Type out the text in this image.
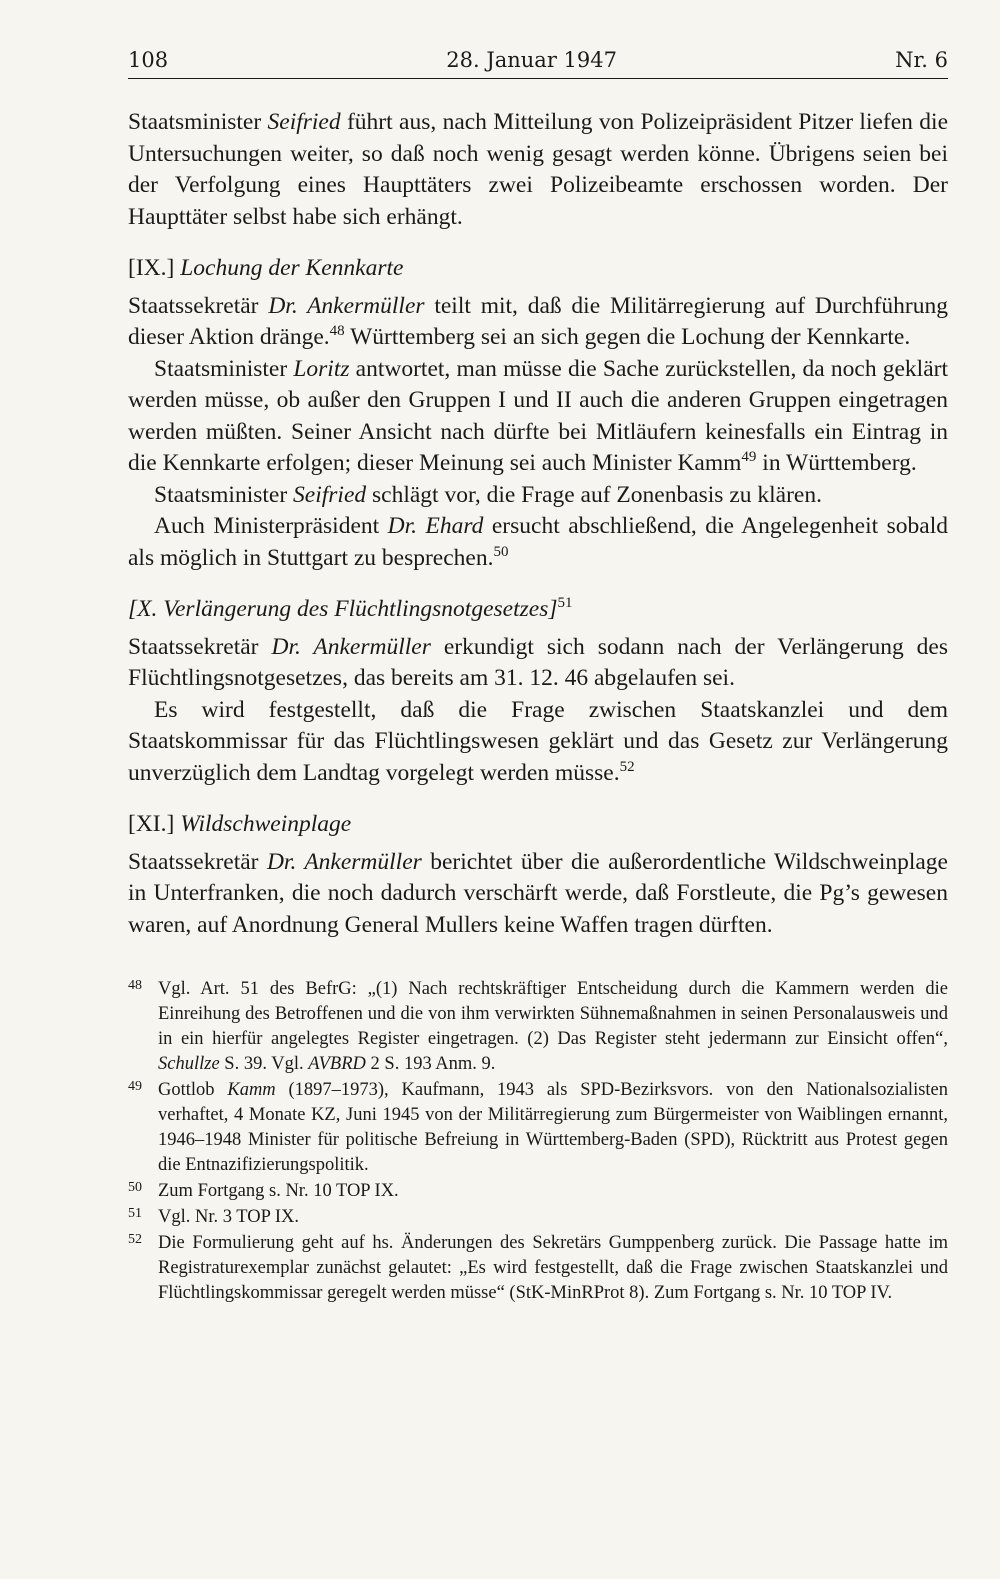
108	28. Januar 1947	Nr. 6

Staatsminister Seifried führt aus, nach Mitteilung von Polizeipräsident Pitzer liefen die Untersuchungen weiter, so daß noch wenig gesagt werden könne. Übrigens seien bei der Verfolgung eines Haupttäters zwei Polizeibeamte erschossen worden. Der Haupttäter selbst habe sich erhängt.

[IX.] Lochung der Kennkarte

Staatssekretär Dr. Ankermüller teilt mit, daß die Militärregierung auf Durchführung dieser Aktion dränge.$^{48}$ Württemberg sei an sich gegen die Lochung der Kennkarte.

Staatsminister Loritz antwortet, man müsse die Sache zurückstellen, da noch geklärt werden müsse, ob außer den Gruppen I und II auch die anderen Gruppen eingetragen werden müßten. Seiner Ansicht nach dürfte bei Mitläufern keinesfalls ein Eintrag in die Kennkarte erfolgen; dieser Meinung sei auch Minister Kamm$^{49}$ in Württemberg.

Staatsminister Seifried schlägt vor, die Frage auf Zonenbasis zu klären.

Auch Ministerpräsident Dr. Ehard ersucht abschließend, die Angelegenheit sobald als möglich in Stuttgart zu besprechen.$^{50}$

[X. Verlängerung des Flüchtlingsnotgesetzes]$^{51}$

Staatssekretär Dr. Ankermüller erkundigt sich sodann nach der Verlängerung des Flüchtlingsnotgesetzes, das bereits am 31. 12. 46 abgelaufen sei.

Es wird festgestellt, daß die Frage zwischen Staatskanzlei und dem Staatskommissar für das Flüchtlingswesen geklärt und das Gesetz zur Verlängerung unverzüglich dem Landtag vorgelegt werden müsse.$^{52}$

[XI.] Wildschweinplage

Staatssekretär Dr. Ankermüller berichtet über die außerordentliche Wildschweinplage in Unterfranken, die noch dadurch verschärft werde, daß Forstleute, die Pg’s gewesen waren, auf Anordnung General Mullers keine Waffen tragen dürften.

48 Vgl. Art. 51 des BefrG: „(1) Nach rechtskräftiger Entscheidung durch die Kammern werden die Einreihung des Betroffenen und die von ihm verwirkten Sühnemaßnahmen in seinen Personalausweis und in ein hierfür angelegtes Register eingetragen. (2) Das Register steht jedermann zur Einsicht offen“, Schullze S. 39. Vgl. AVBRD 2 S. 193 Anm. 9.
49 Gottlob Kamm (1897–1973), Kaufmann, 1943 als SPD-Bezirksvors. von den Nationalsozialisten verhaftet, 4 Monate KZ, Juni 1945 von der Militärregierung zum Bürgermeister von Waiblingen ernannt, 1946–1948 Minister für politische Befreiung in Württemberg-Baden (SPD), Rücktritt aus Protest gegen die Entnazifizierungspolitik.
50 Zum Fortgang s. Nr. 10 TOP IX.
51 Vgl. Nr. 3 TOP IX.
52 Die Formulierung geht auf hs. Änderungen des Sekretärs Gumppenberg zurück. Die Passage hatte im Registraturexemplar zunächst gelautet: „Es wird festgestellt, daß die Frage zwischen Staatskanzlei und Flüchtlingskommissar geregelt werden müsse“ (StK-MinRProt 8). Zum Fortgang s. Nr. 10 TOP IV.
